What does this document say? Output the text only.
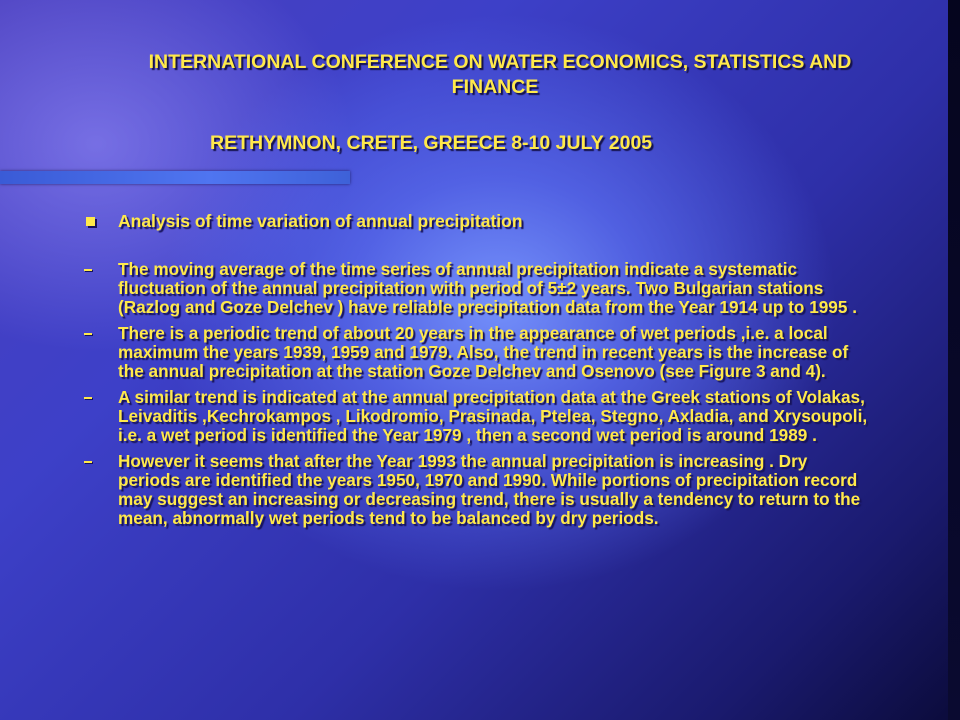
INTERNATIONAL CONFERENCE ON WATER ECONOMICS, STATISTICS AND
FINANCE
RETHYMNON, CRETE, GREECE 8-10 JULY 2005
Analysis of time variation of annual precipitation
The moving average of the time series of annual precipitation indicate a systematic fluctuation of the annual precipitation with period of 5±2 years. Two Bulgarian stations (Razlog and Goze Delchev ) have reliable precipitation data from the Year 1914 up to 1995 .
There is a periodic trend of about 20 years in the appearance of wet periods ,i.e. a local maximum the years 1939, 1959 and 1979. Also, the trend in recent years is the increase of the annual precipitation at the station Goze Delchev and Osenovo (see Figure 3 and 4).
A similar trend is indicated at the annual precipitation data at the Greek stations of Volakas, Leivaditis ,Kechrokampos , Likodromio, Prasinada, Ptelea, Stegno, Axladia, and Xrysoupoli, i.e. a wet period is identified the Year 1979 , then a second wet period is around 1989 .
However it seems that after the Year 1993 the annual precipitation is increasing . Dry periods are identified the years 1950, 1970 and 1990. While portions of precipitation record may suggest an increasing or decreasing trend, there is usually a tendency to return to the mean, abnormally wet periods tend to be balanced by dry periods.
